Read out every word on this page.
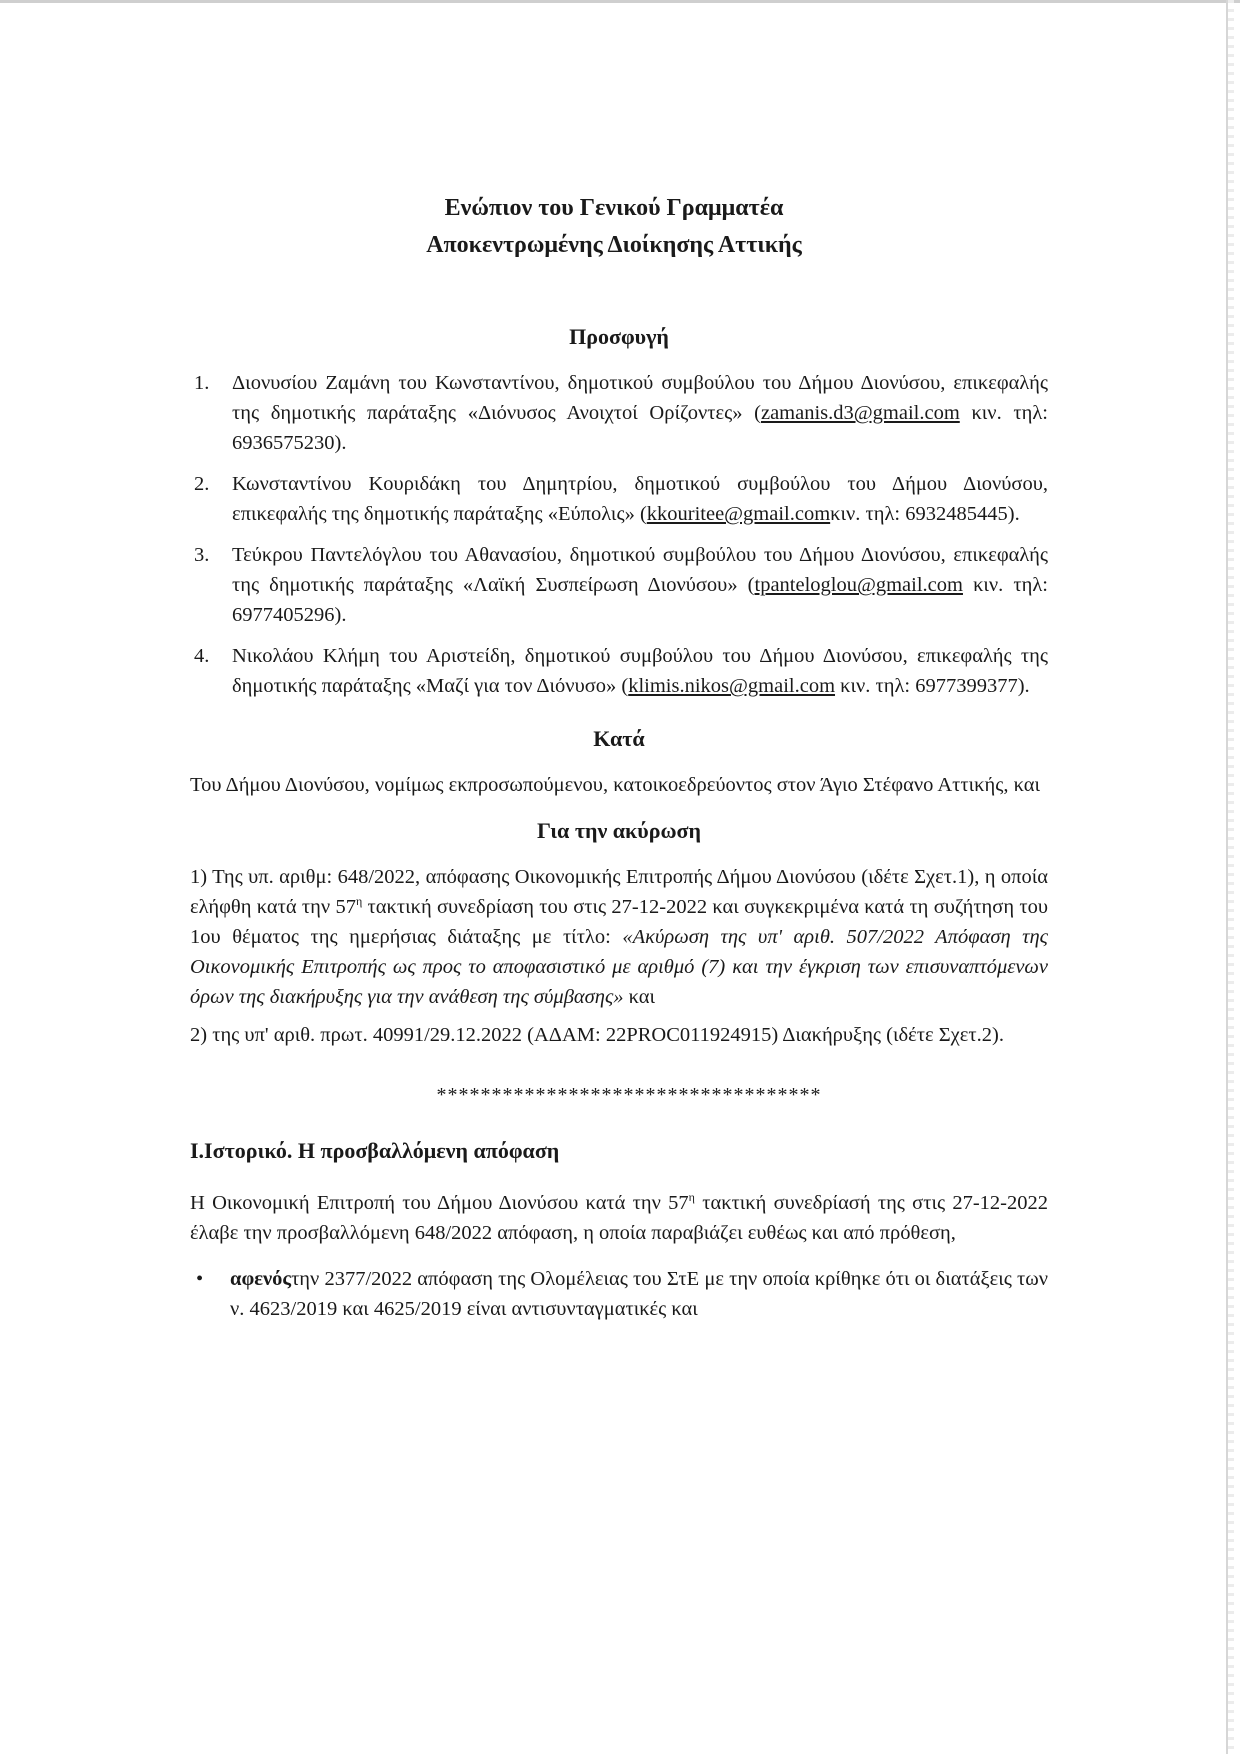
Ενώπιον του Γενικού Γραμματέα
Αποκεντρωμένης Διοίκησης Αττικής
Προσφυγή
1.	Διονυσίου Ζαμάνη του Κωνσταντίνου, δημοτικού συμβούλου του Δήμου Διονύσου, επικεφαλής της δημοτικής παράταξης «Διόνυσος Ανοιχτοί Ορίζοντες» (zamanis.d3@gmail.com κιν. τηλ: 6936575230).
2.	Κωνσταντίνου Κουριδάκη του Δημητρίου, δημοτικού συμβούλου του Δήμου Διονύσου, επικεφαλής της δημοτικής παράταξης «Εύπολις» (kkouritee@gmail.comκιν. τηλ: 6932485445).
3.	Τεύκρου Παντελόγλου του Αθανασίου, δημοτικού συμβούλου του Δήμου Διονύσου, επικεφαλής της δημοτικής παράταξης «Λαϊκή Συσπείρωση Διονύσου» (tpanteloglou@gmail.com κιν. τηλ: 6977405296).
4.	Νικολάου Κλήμη του Αριστείδη, δημοτικού συμβούλου του Δήμου Διονύσου, επικεφαλής της δημοτικής παράταξης «Μαζί για τον Διόνυσο» (klimis.nikos@gmail.com κιν. τηλ: 6977399377).
Κατά
Του Δήμου Διονύσου, νομίμως εκπροσωπούμενου, κατοικοεδρεύοντος στον Άγιο Στέφανο Αττικής, και
Για την ακύρωση
1) Της υπ. αριθμ: 648/2022, απόφασης Οικονομικής Επιτροπής Δήμου Διονύσου (ιδέτε Σχετ.1), η οποία ελήφθη κατά την $57^\eta$ τακτική συνεδρίαση του στις 27-12-2022 και συγκεκριμένα κατά τη συζήτηση του 1ου θέματος της ημερήσιας διάταξης με τίτλο: «Ακύρωση της υπ' αριθ. 507/2022 Απόφαση της Οικονομικής Επιτροπής ως προς το αποφασιστικό με αριθμό (7) και την έγκριση των επισυναπτόμενων όρων της διακήρυξης για την ανάθεση της σύμβασης» και
2) της υπ' αριθ. πρωτ. 40991/29.12.2022 (ΑΔΑΜ: 22PROC011924915) Διακήρυξης (ιδέτε Σχετ.2).
***********************************
Ι.Ιστορικό. Η προσβαλλόμενη απόφαση
Η Οικονομική Επιτροπή του Δήμου Διονύσου κατά την $57^\eta$ τακτική συνεδρίασή της στις 27-12-2022 έλαβε την προσβαλλόμενη 648/2022 απόφαση, η οποία παραβιάζει ευθέως και από πρόθεση,
•	αφενόςτην 2377/2022 απόφαση της Ολομέλειας του ΣτΕ με την οποία κρίθηκε ότι οι διατάξεις των ν. 4623/2019 και 4625/2019 είναι αντισυνταγματικές και
